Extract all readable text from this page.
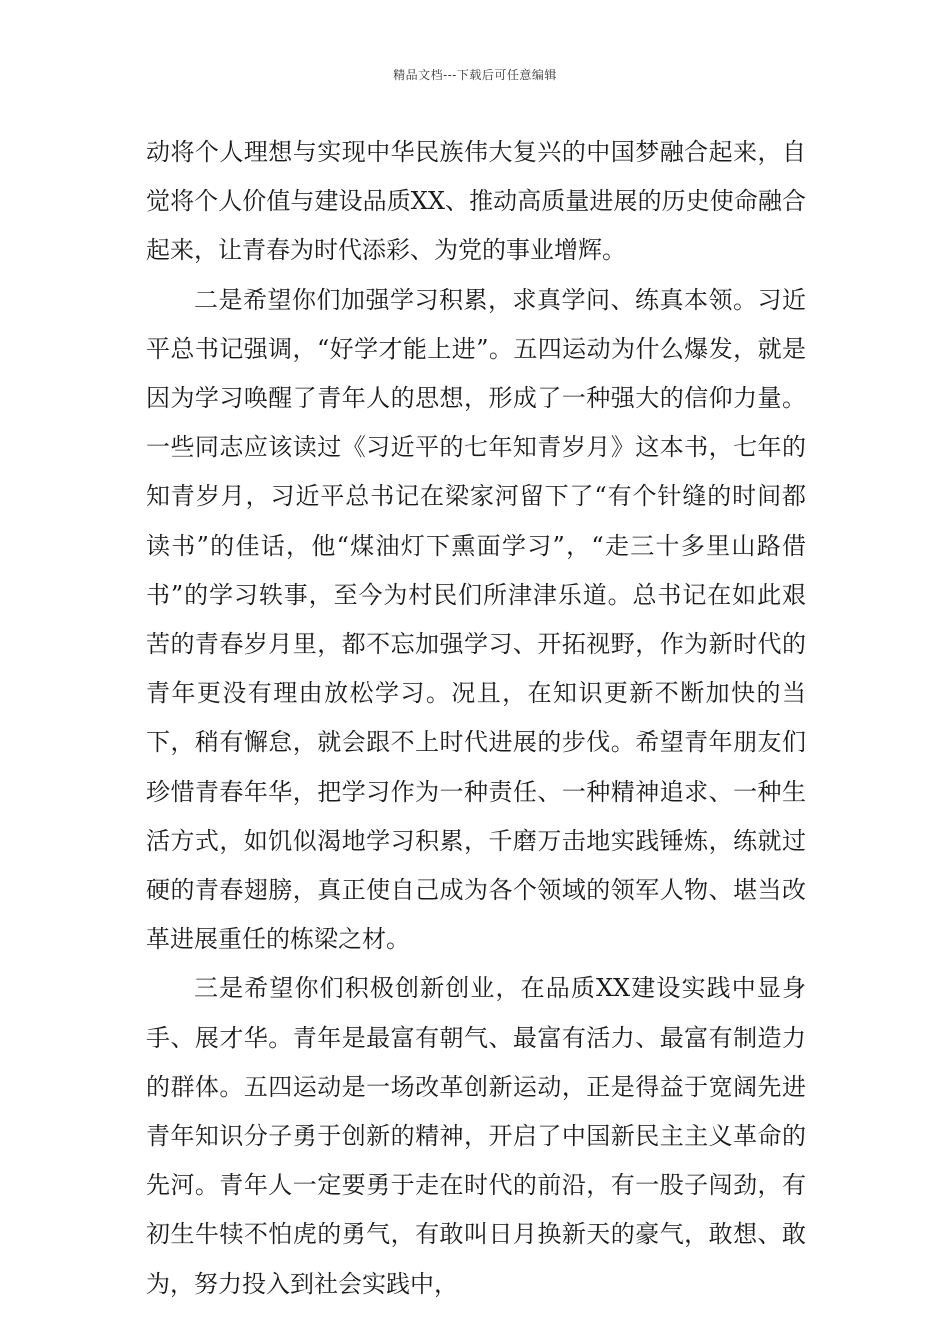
精品文档---下载后可任意编辑

动将个人理想与实现中华民族伟大复兴的中国梦融合起来，自觉将个人价值与建设品质XX、推动高质量进展的历史使命融合起来，让青春为时代添彩、为党的事业增辉。

二是希望你们加强学习积累，求真学问、练真本领。习近平总书记强调，“好学才能上进”。五四运动为什么爆发，就是因为学习唤醒了青年人的思想，形成了一种强大的信仰力量。一些同志应该读过《习近平的七年知青岁月》这本书，七年的知青岁月，习近平总书记在梁家河留下了“有个针缝的时间都读书”的佳话，他“煤油灯下熏面学习”，“走三十多里山路借书”的学习轶事，至今为村民们所津津乐道。总书记在如此艰苦的青春岁月里，都不忘加强学习、开拓视野，作为新时代的青年更没有理由放松学习。况且，在知识更新不断加快的当下，稍有懈怠，就会跟不上时代进展的步伐。希望青年朋友们珍惜青春年华，把学习作为一种责任、一种精神追求、一种生活方式，如饥似渴地学习积累，千磨万击地实践锤炼，练就过硬的青春翅膀，真正使自己成为各个领域的领军人物、堪当改革进展重任的栋梁之材。

三是希望你们积极创新创业，在品质XX建设实践中显身手、展才华。青年是最富有朝气、最富有活力、最富有制造力的群体。五四运动是一场改革创新运动，正是得益于宽阔先进青年知识分子勇于创新的精神，开启了中国新民主主义革命的先河。青年人一定要勇于走在时代的前沿，有一股子闯劲，有初生牛犊不怕虎的勇气，有敢叫日月换新天的豪气，敢想、敢为，努力投入到社会实践中，
